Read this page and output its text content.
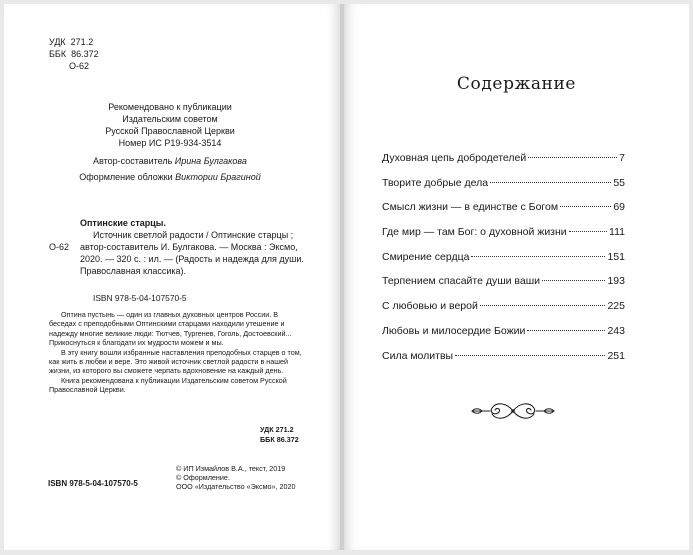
УДК 271.2
ББК 86.372
О-62
Рекомендовано к публикации
Издательским советом
Русской Православной Церкви
Номер ИС Р19-934-3514
Автор-составитель Ирина Булгакова
Оформление обложки Виктории Брагиной
Оптинские старцы.
О-62
Источник светлой радости / Оптинские старцы ;
автор-составитель И. Булгакова. — Москва : Эксмо,
2020. — 320 с. : ил. — (Радость и надежда для души.
Православная классика).
ISBN 978-5-04-107570-5

Оптина пустынь — один из главных духовных центров России. В беседах с преподобными Оптинскими старцами находили утешение и надежду многие великие люди: Тютчев, Тургенев, Гоголь, Достоевский... Прикоснуться к благодати их мудрости можем и мы.

В эту книгу вошли избранные наставления преподобных старцев о том, как жить в любви и вере. Это живой источник светлой радости в нашей жизни, из которого вы сможете черпать вдохновение на каждый день.

Книга рекомендована к публикации Издательским советом Русской Православной Церкви.

УДК 271.2
ББК 86.372
© ИП Измайлов В.А., текст, 2019
© Оформление.
ISBN 978-5-04-107570-5	ООО «Издательство «Эксмо», 2020
Содержание
Духовная цепь добродетелей	7
Творите добрые дела	55
Смысл жизни — в единстве с Богом	69
Где мир — там Бог: о духовной жизни	111
Смирение сердца	151
Терпением спасайте души ваши	193
С любовью и верой	225
Любовь и милосердие Божии	243
Сила молитвы	251
